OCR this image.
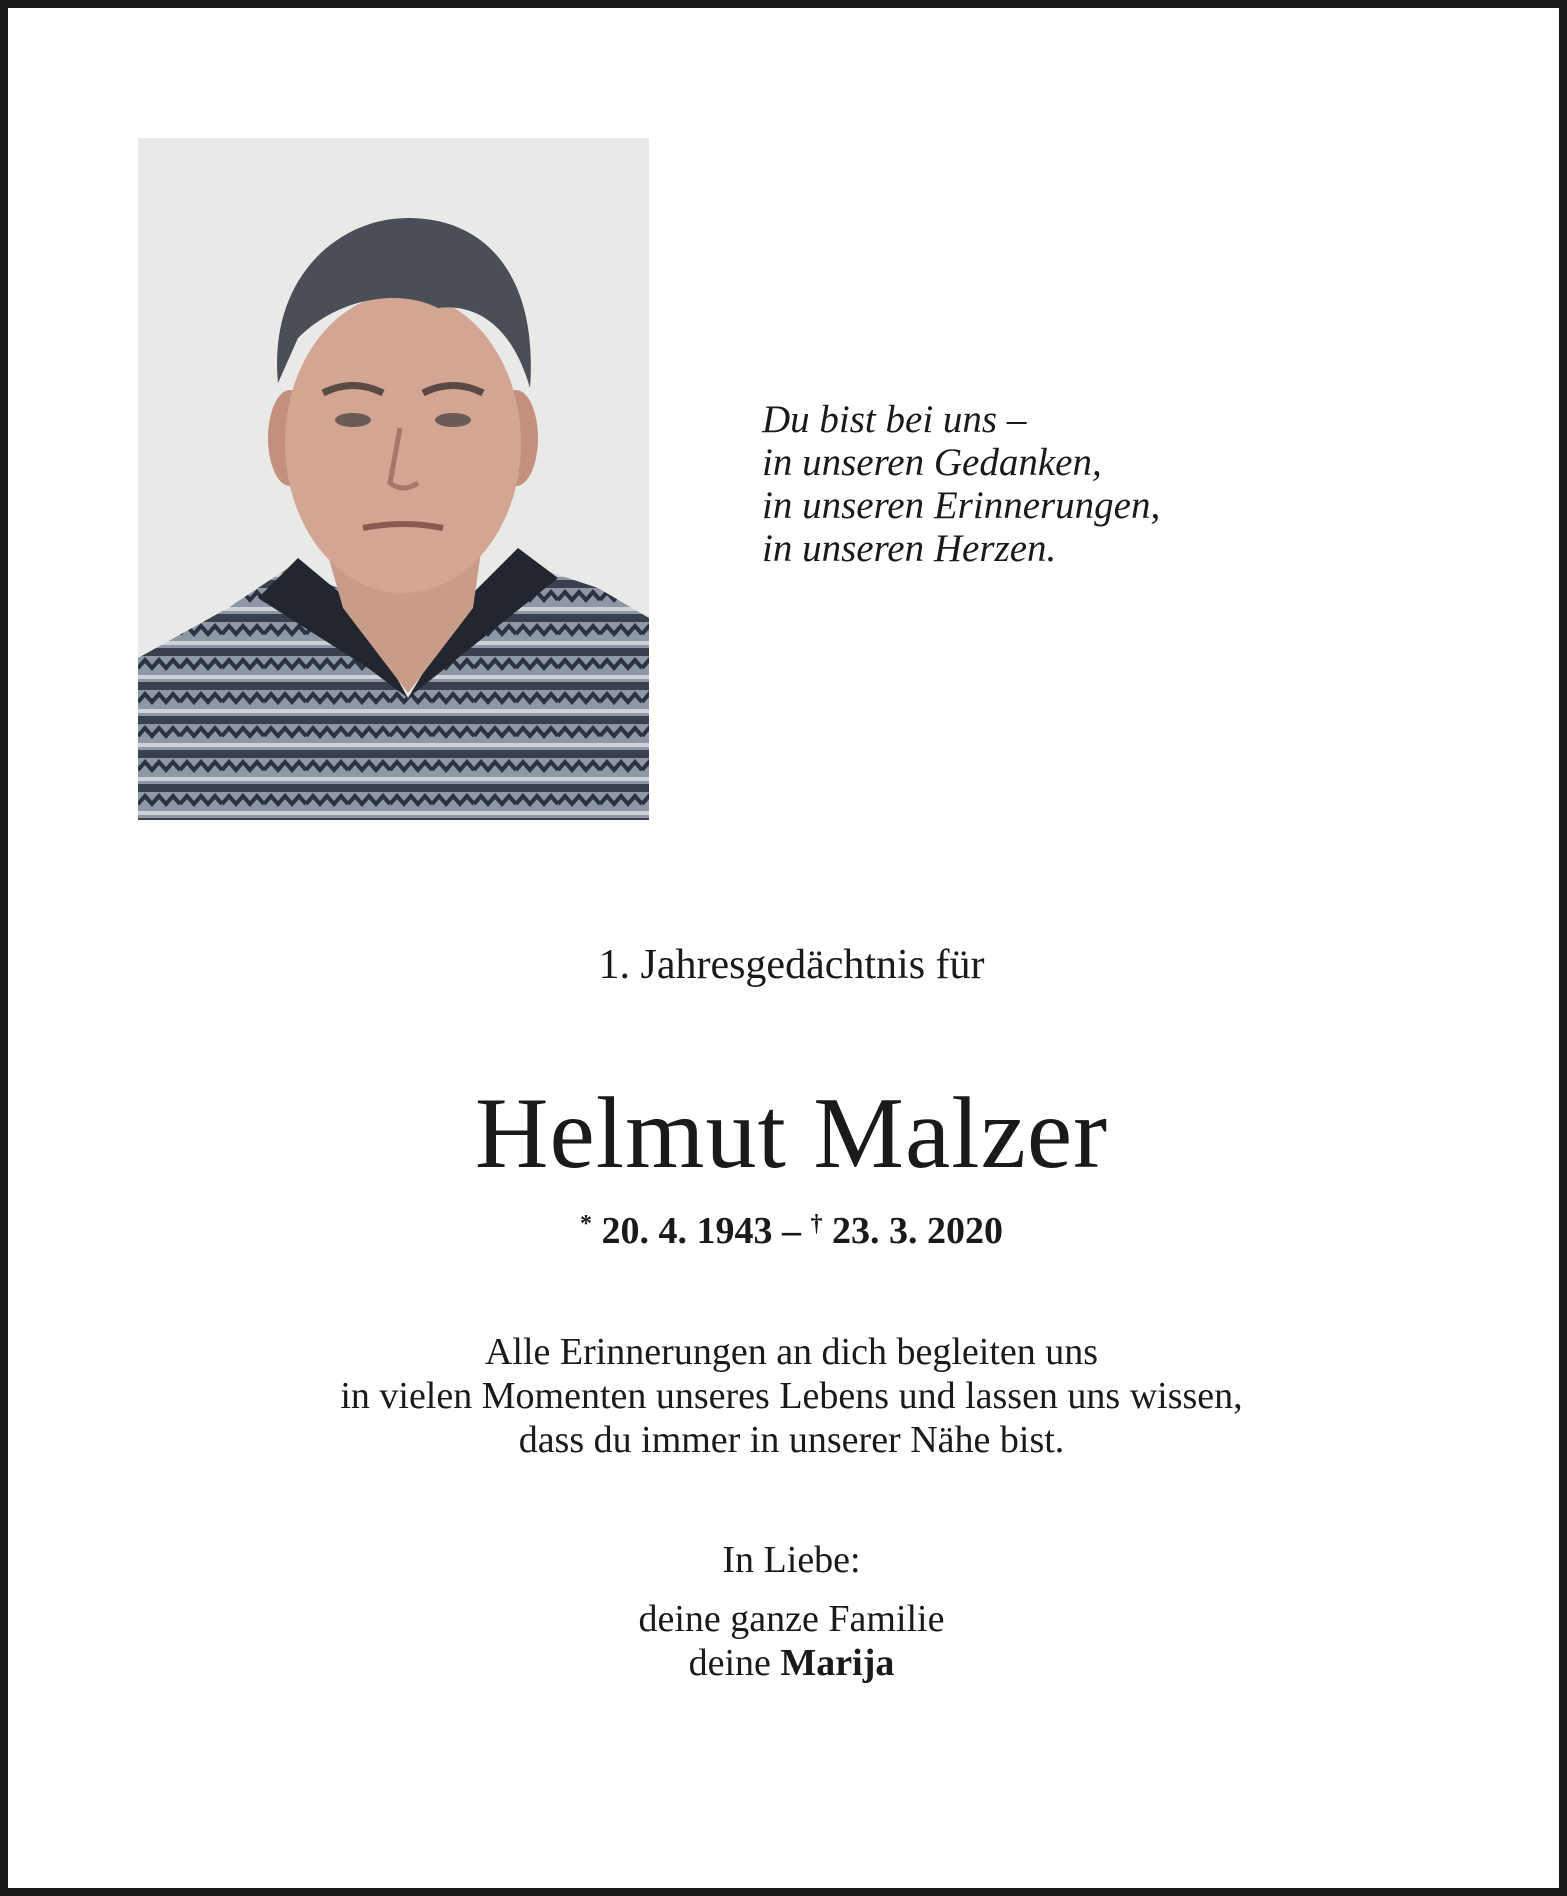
Du bist bei uns –
in unseren Gedanken,
in unseren Erinnerungen,
in unseren Herzen.
1. Jahresgedächtnis für
Helmut Malzer
* 20. 4. 1943 – † 23. 3. 2020
Alle Erinnerungen an dich begleiten uns
in vielen Momenten unseres Lebens und lassen uns wissen,
dass du immer in unserer Nähe bist.
In Liebe:
deine ganze Familie
deine Marija
